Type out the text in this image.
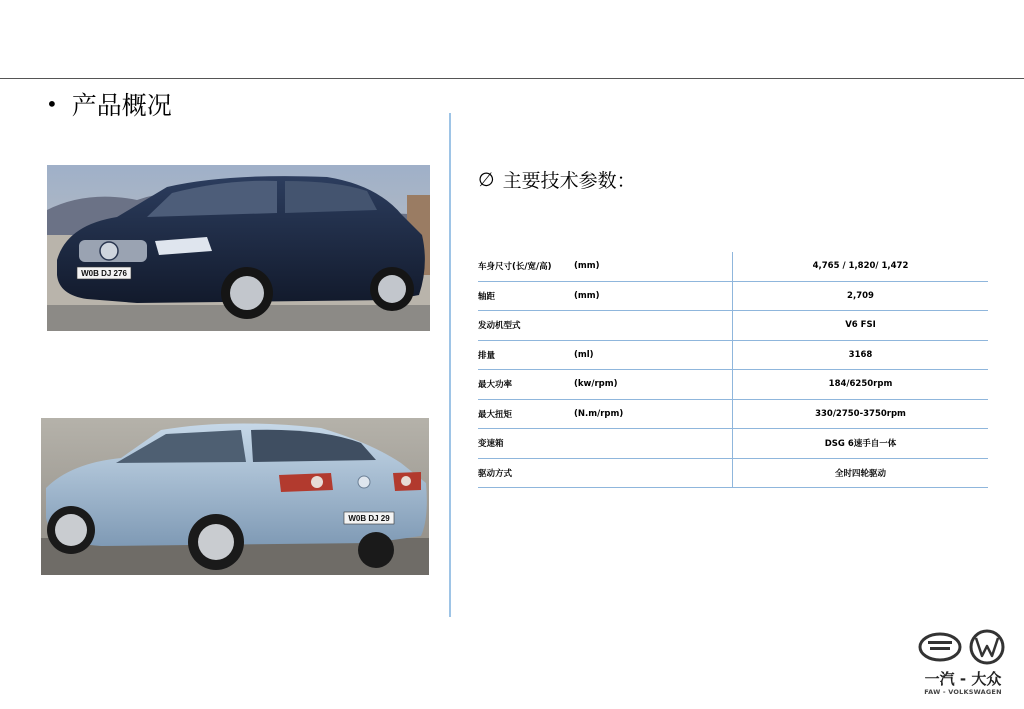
• 产品概况
W0B DJ 276
W0B DJ 29
∅ 主要技术参数：
车身尺寸(长/宽/高)	(mm)	4,765 / 1,820/ 1,472
轴距	(mm)	2,709
发动机型式		V6 FSI
排量	(ml)	3168
最大功率	(kw/rpm)	184/6250rpm
最大扭矩	(N.m/rpm)	330/2750-3750rpm
变速箱		DSG 6速手自一体
驱动方式		全时四轮驱动
一汽 - 大众
FAW - VOLKSWAGEN
